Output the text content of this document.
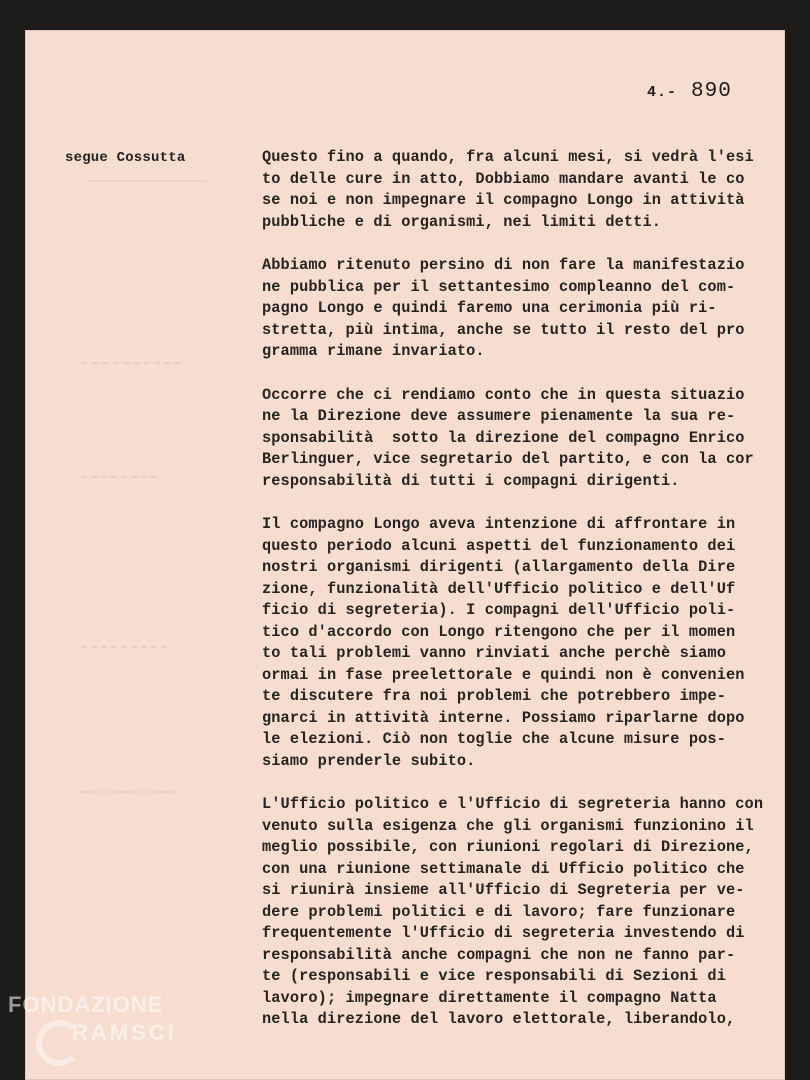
4.- 890
segue Cossutta	Questo fino a quando, fra alcuni mesi, si vedrà l'esi
to delle cure in atto, Dobbiamo mandare avanti le co
se noi e non impegnare il compagno Longo in attività
pubbliche e di organismi, nei limiti detti.
Abbiamo ritenuto persino di non fare la manifestazio
ne pubblica per il settantesimo compleanno del com-
pagno Longo e quindi faremo una cerimonia più ri-
stretta, più intima, anche se tutto il resto del pro
gramma rimane invariato.
Occorre che ci rendiamo conto che in questa situazio
ne la Direzione deve assumere pienamente la sua re-
sponsabilità  sotto la direzione del compagno Enrico
Berlinguer, vice segretario del partito, e con la cor
responsabilità di tutti i compagni dirigenti.
Il compagno Longo aveva intenzione di affrontare in
questo periodo alcuni aspetti del funzionamento dei
nostri organismi dirigenti (allargamento della Dire
zione, funzionalità dell'Ufficio politico e dell'Uf
ficio di segreteria). I compagni dell'Ufficio poli-
tico d'accordo con Longo ritengono che per il momen
to tali problemi vanno rinviati anche perchè siamo
ormai in fase preelettorale e quindi non è convenien
te discutere fra noi problemi che potrebbero impe-
gnarci in attività interne. Possiamo riparlarne dopo
le elezioni. Ciò non toglie che alcune misure pos-
siamo prenderle subito.
L'Ufficio politico e l'Ufficio di segreteria hanno con
venuto sulla esigenza che gli organismi funzionino il
meglio possibile, con riunioni regolari di Direzione,
con una riunione settimanale di Ufficio politico che
si riunirà insieme all'Ufficio di Segreteria per ve-
dere problemi politici e di lavoro; fare funzionare
frequentemente l'Ufficio di segreteria investendo di
responsabilità anche compagni che non ne fanno par-
te (responsabili e vice responsabili di Sezioni di
lavoro); impegnare direttamente il compagno Natta
nella direzione del lavoro elettorale, liberandolo,
FONDAZIONE
RAMSCI
